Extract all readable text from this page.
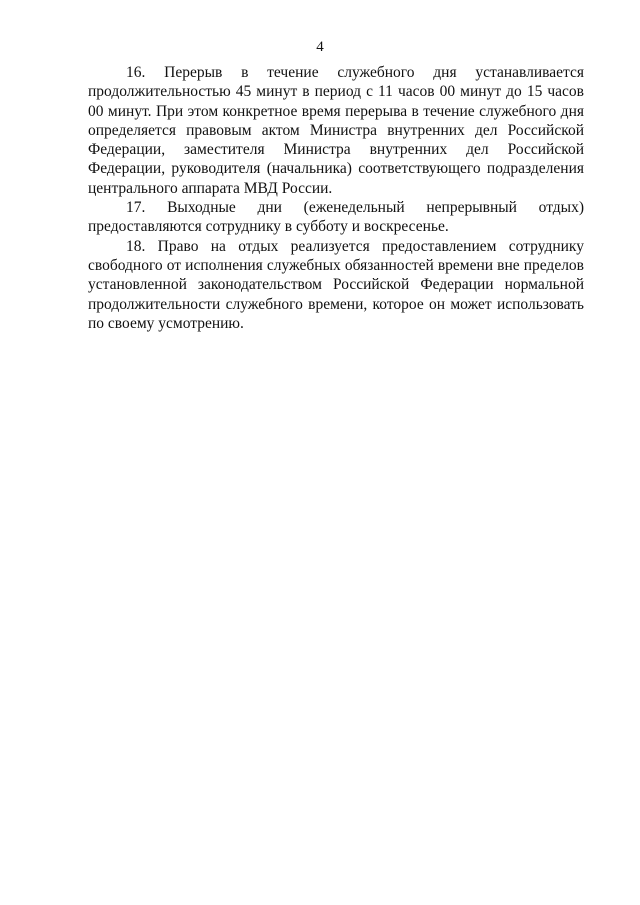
4

16. Перерыв в течение служебного дня устанавливается продолжительностью 45 минут в период с 11 часов 00 минут до 15 часов 00 минут. При этом конкретное время перерыва в течение служебного дня определяется правовым актом Министра внутренних дел Российской Федерации, заместителя Министра внутренних дел Российской Федерации, руководителя (начальника) соответствующего подразделения центрального аппарата МВД России.

17. Выходные дни (еженедельный непрерывный отдых) предоставляются сотруднику в субботу и воскресенье.

18. Право на отдых реализуется предоставлением сотруднику свободного от исполнения служебных обязанностей времени вне пределов установленной законодательством Российской Федерации нормальной продолжительности служебного времени, которое он может использовать по своему усмотрению.
